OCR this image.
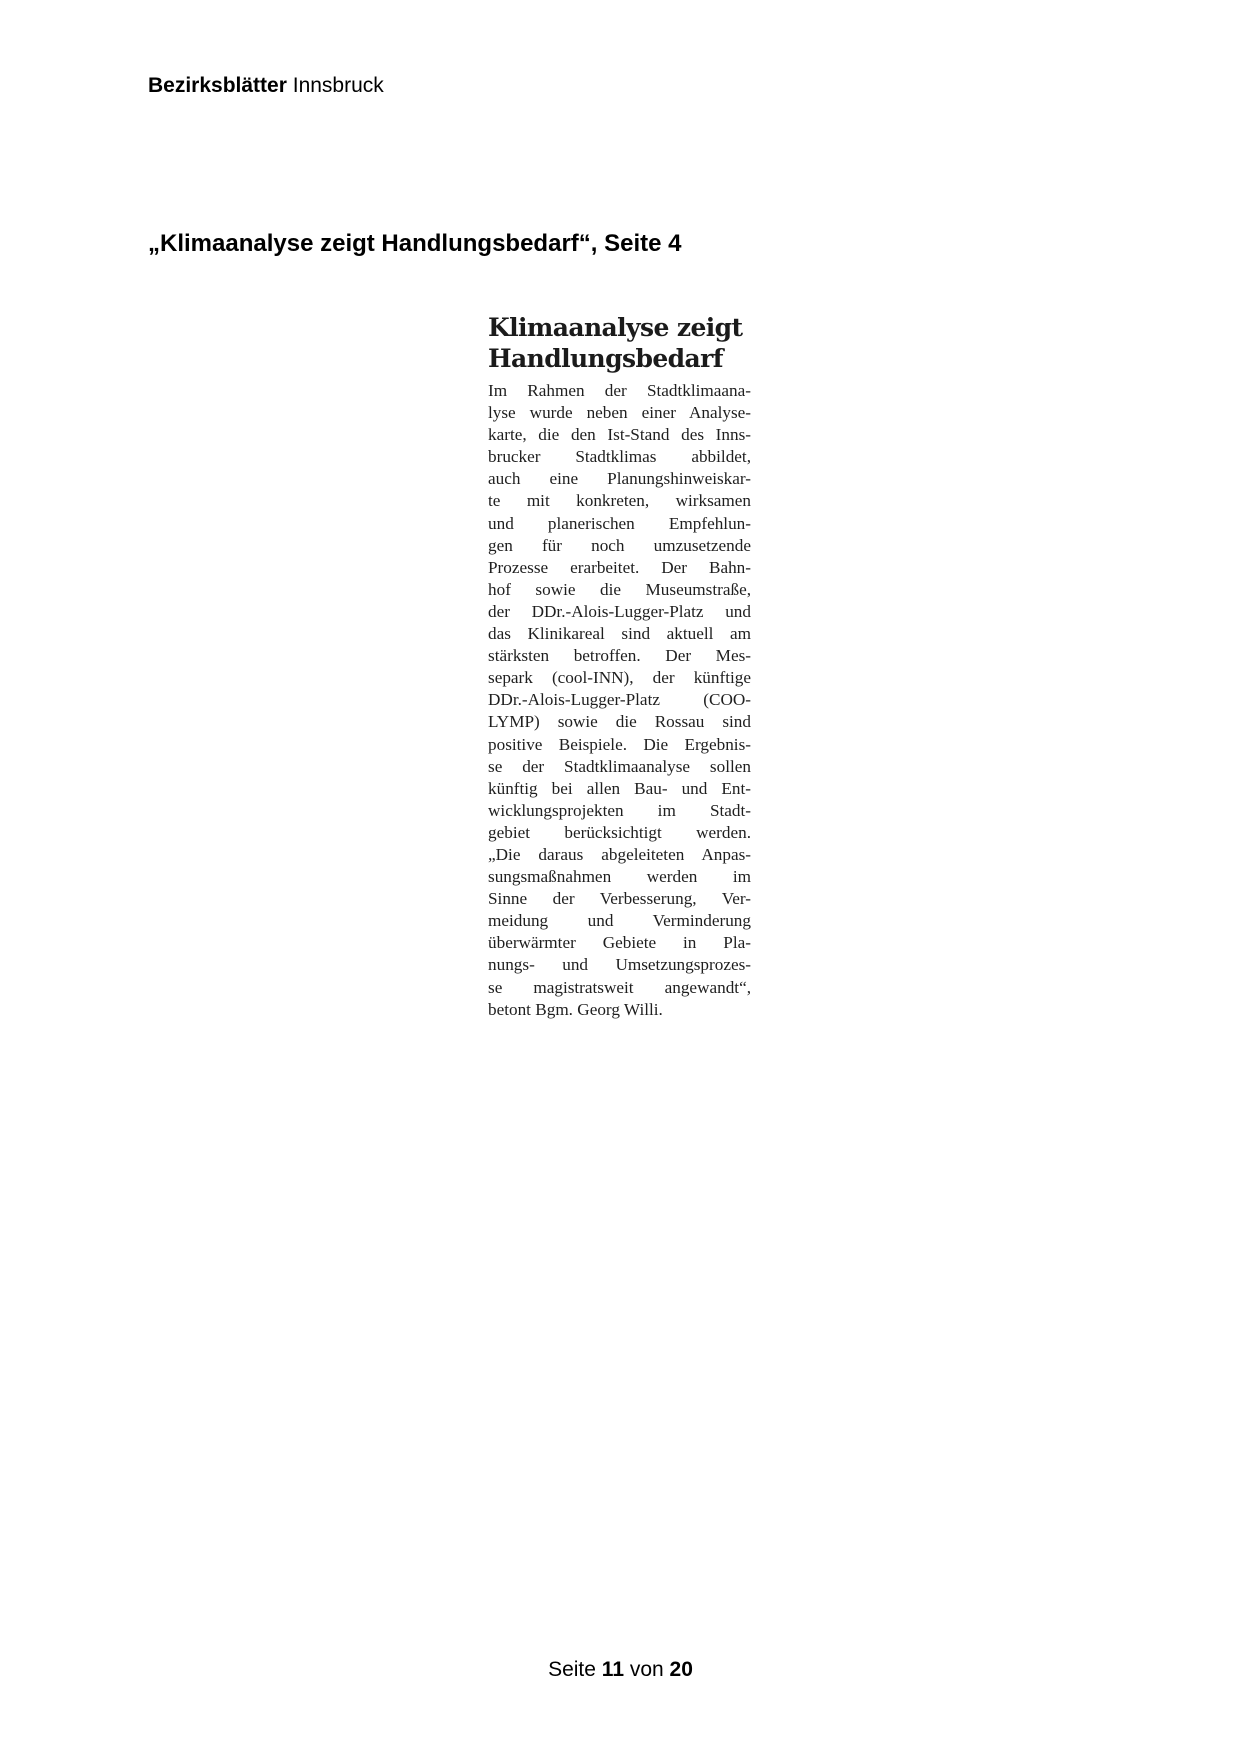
Bezirksblätter Innsbruck
„Klimaanalyse zeigt Handlungsbedarf“, Seite 4
Klimaanalyse zeigt
Handlungsbedarf

Im Rahmen der Stadtklimaana-
lyse wurde neben einer Analyse-
karte, die den Ist-Stand des Inns-
brucker Stadtklimas abbildet,
auch eine Planungshinweiskar-
te mit konkreten, wirksamen
und planerischen Empfehlun-
gen für noch umzusetzende
Prozesse erarbeitet. Der Bahn-
hof sowie die Museumstraße,
der DDr.-Alois-Lugger-Platz und
das Klinikareal sind aktuell am
stärksten betroffen. Der Mes-
separk (cool-INN), der künftige
DDr.-Alois-Lugger-Platz (COO-
LYMP) sowie die Rossau sind
positive Beispiele. Die Ergebnis-
se der Stadtklimaanalyse sollen
künftig bei allen Bau- und Ent-
wicklungsprojekten im Stadt-
gebiet berücksichtigt werden.
„Die daraus abgeleiteten Anpas-
sungsmaßnahmen werden im
Sinne der Verbesserung, Ver-
meidung und Verminderung
überwärmter Gebiete in Pla-
nungs- und Umsetzungsprozes-
se magistratsweit angewandt“,
betont Bgm. Georg Willi.

Seite 11 von 20
